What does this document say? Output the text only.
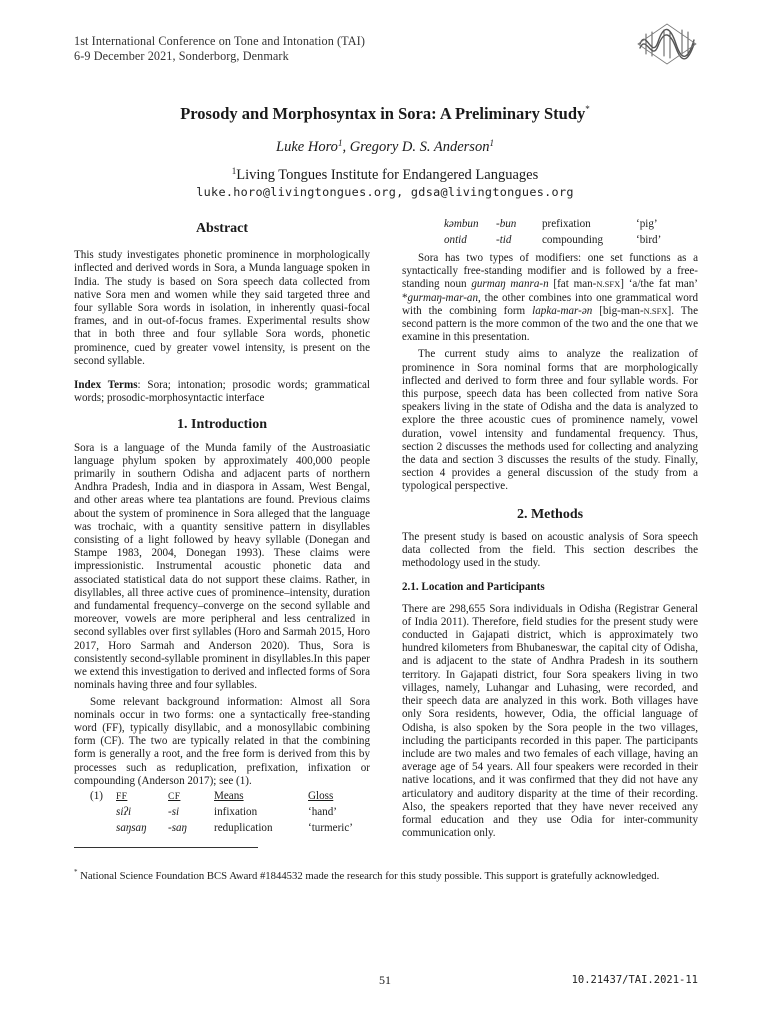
1st International Conference on Tone and Intonation (TAI)
6-9 December 2021, Sonderborg, Denmark
Prosody and Morphosyntax in Sora: A Preliminary Study*
Luke Horo$^1$, Gregory D. S. Anderson$^1$
$^1$Living Tongues Institute for Endangered Languages
luke.horo@livingtongues.org, gdsa@livingtongues.org
Abstract

This study investigates phonetic prominence in morphologically inflected and derived words in Sora, a Munda language spoken in India. The study is based on Sora speech data collected from native Sora men and women while they said targeted three and four syllable Sora words in isolation, in inherently quasi-focal frames, and in out-of-focus frames. Experimental results show that in both three and four syllable Sora words, phonetic prominence, cued by greater vowel intensity, is present on the second syllable.

Index Terms: Sora; intonation; prosodic words; grammatical words; prosodic-morphosyntactic interface

1. Introduction

Sora is a language of the Munda family of the Austroasiatic language phylum spoken by approximately 400,000 people primarily in southern Odisha and adjacent parts of northern Andhra Pradesh, India and in diaspora in Assam, West Bengal, and other areas where tea plantations are found. Previous claims about the system of prominence in Sora alleged that the language was trochaic, with a quantity sensitive pattern in disyllables consisting of a light followed by heavy syllable (Donegan and Stampe 1983, 2004, Donegan 1993). These claims were impressionistic. Instrumental acoustic phonetic data and associated statistical data do not support these claims. Rather, in disyllables, all three active cues of prominence–intensity, duration and fundamental frequency–converge on the second syllable and moreover, vowels are more peripheral and less centralized in second syllables over first syllables (Horo and Sarmah 2015, Horo 2017, Horo Sarmah and Anderson 2020). Thus, Sora is consistently second-syllable prominent in disyllables.In this paper we extend this investigation to derived and inflected forms of Sora nominals having three and four syllables.

Some relevant background information: Almost all Sora nominals occur in two forms: one a syntactically free-standing word (FF), typically disyllabic, and a monosyllabic combining form (CF). The two are typically related in that the combining form is generally a root, and the free form is derived from this by processes such as reduplication, prefixation, infixation or compounding (Anderson 2017); see (1).

(1)	FF	CF	Means	Gloss
	siʔi	-si	infixation	‘hand’
	saŋsaŋ	-saŋ	reduplication	‘turmeric’
kəmbun	-bun	prefixation	‘pig’
ontid	-tid	compounding	‘bird’

Sora has two types of modifiers: one set functions as a syntactically free-standing modifier and is followed by a free-standing noun gurmaŋ manra-n [fat man-N.SFX] ‘a/the fat man’ *gurmaŋ-mar-an, the other combines into one grammatical word with the combining form lapka-mar-ən [big-man-N.SFX]. The second pattern is the more common of the two and the one that we examine in this presentation.

The current study aims to analyze the realization of prominence in Sora nominal forms that are morphologically inflected and derived to form three and four syllable words. For this purpose, speech data has been collected from native Sora speakers living in the state of Odisha and the data is analyzed to explore the three acoustic cues of prominence namely, vowel duration, vowel intensity and fundamental frequency. Thus, section 2 discusses the methods used for collecting and analyzing the data and section 3 discusses the results of the study. Finally, section 4 provides a general discussion of the study from a typological perspective.

2. Methods

The present study is based on acoustic analysis of Sora speech data collected from the field. This section describes the methodology used in the study.

2.1. Location and Participants

There are 298,655 Sora individuals in Odisha (Registrar General of India 2011). Therefore, field studies for the present study were conducted in Gajapati district, which is approximately two hundred kilometers from Bhubaneswar, the capital city of Odisha, and is adjacent to the state of Andhra Pradesh in its southern territory. In Gajapati district, four Sora speakers living in two villages, namely, Luhangar and Luhasing, were recorded, and their speech data are analyzed in this work. Both villages have only Sora residents, however, Odia, the official language of Odisha, is also spoken by the Sora people in the two villages, including the participants recorded in this paper. The participants include are two males and two females of each village, having an average age of 54 years. All four speakers were recorded in their native locations, and it was confirmed that they did not have any articulatory and auditory disparity at the time of their recording. Also, the speakers reported that they have never received any formal education and they use Odia for inter-community communication only.

* National Science Foundation BCS Award #1844532 made the research for this study possible. This support is gratefully acknowledged.
51	10.21437/TAI.2021-11
